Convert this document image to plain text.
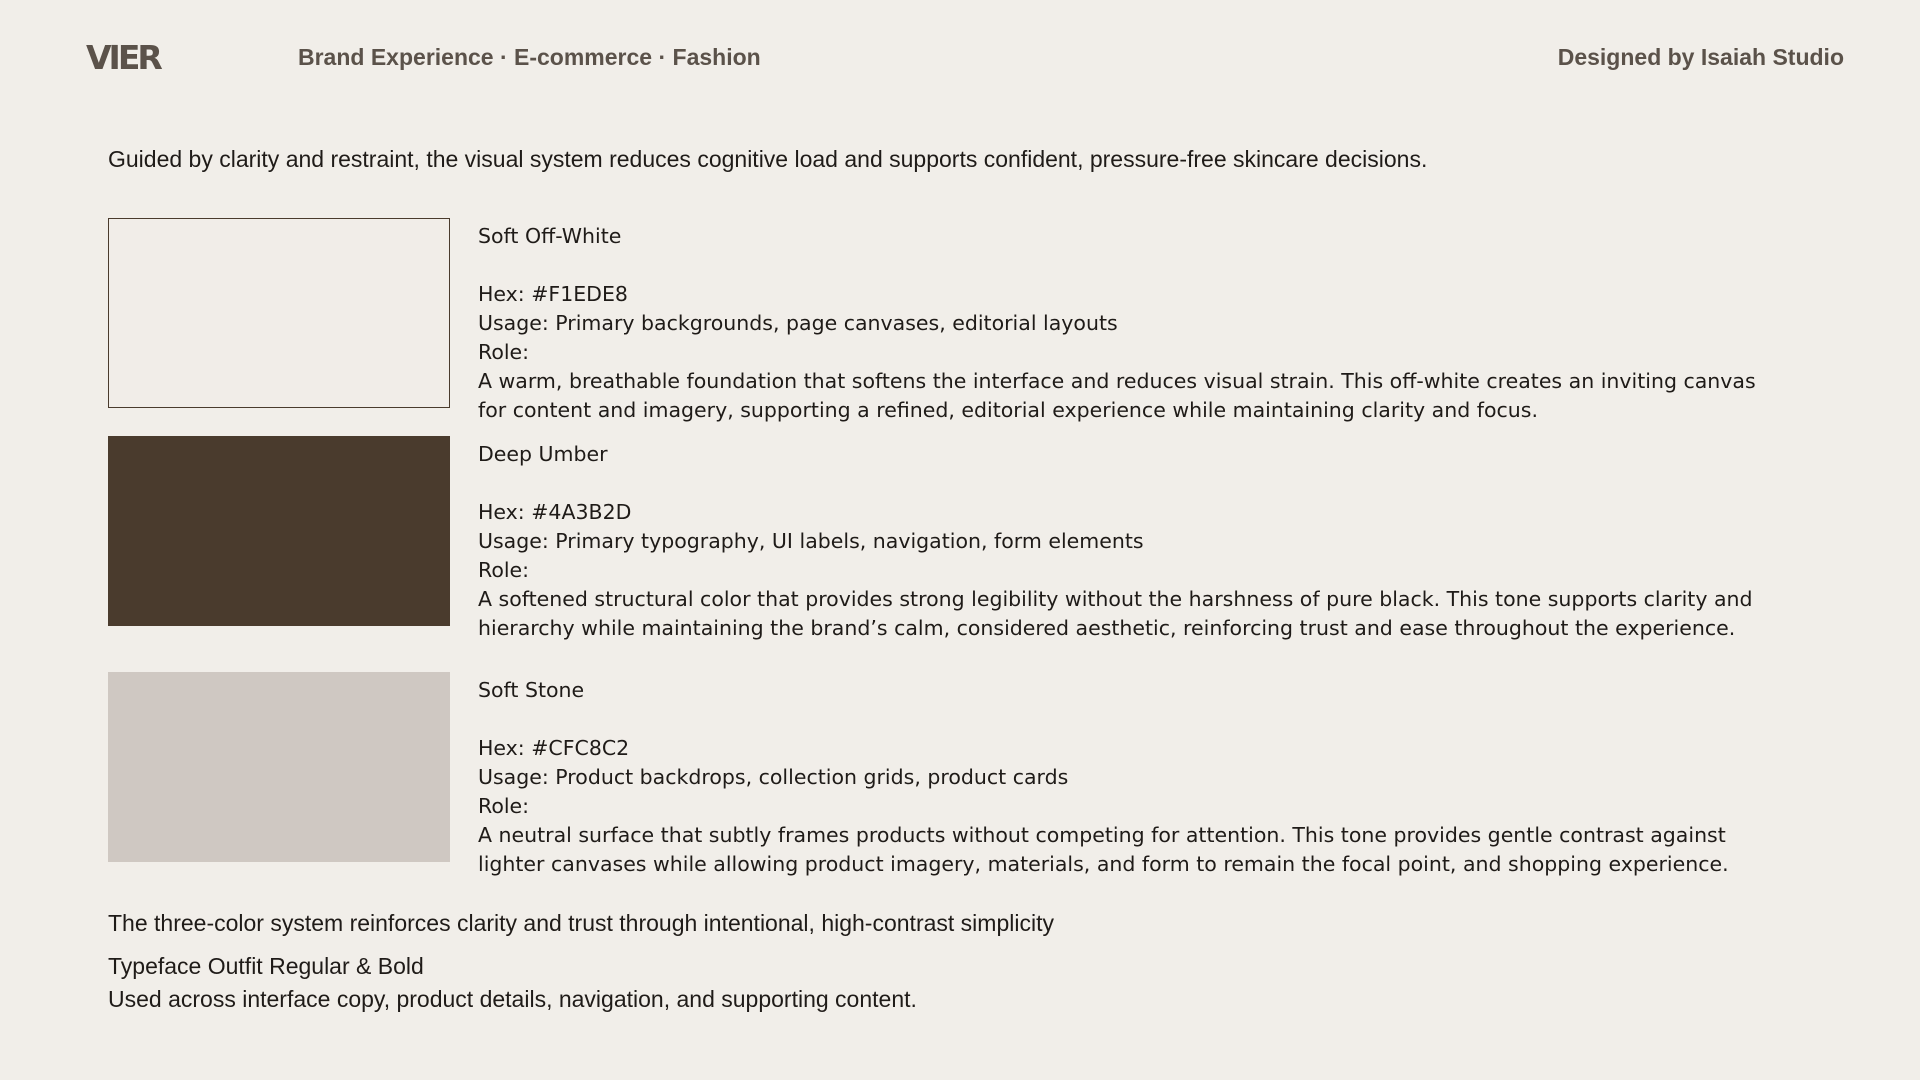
VIER	Brand Experience · E-commerce · Fashion	Designed by Isaiah Studio
Guided by clarity and restraint, the visual system reduces cognitive load and supports confident, pressure-free skincare decisions.
Soft Off-White
Hex: #F1EDE8
Usage: Primary backgrounds, page canvases, editorial layouts
Role:
A warm, breathable foundation that softens the interface and reduces visual strain. This off-white creates an inviting canvas
for content and imagery, supporting a refined, editorial experience while maintaining clarity and focus.
Deep Umber
Hex: #4A3B2D
Usage: Primary typography, UI labels, navigation, form elements
Role:
A softened structural color that provides strong legibility without the harshness of pure black. This tone supports clarity and
hierarchy while maintaining the brand’s calm, considered aesthetic, reinforcing trust and ease throughout the experience.
Soft Stone
Hex: #CFC8C2
Usage: Product backdrops, collection grids, product cards
Role:
A neutral surface that subtly frames products without competing for attention. This tone provides gentle contrast against
lighter canvases while allowing product imagery, materials, and form to remain the focal point, and shopping experience.
The three-color system reinforces clarity and trust through intentional, high-contrast simplicity
Typeface Outfit Regular & Bold
Used across interface copy, product details, navigation, and supporting content.
